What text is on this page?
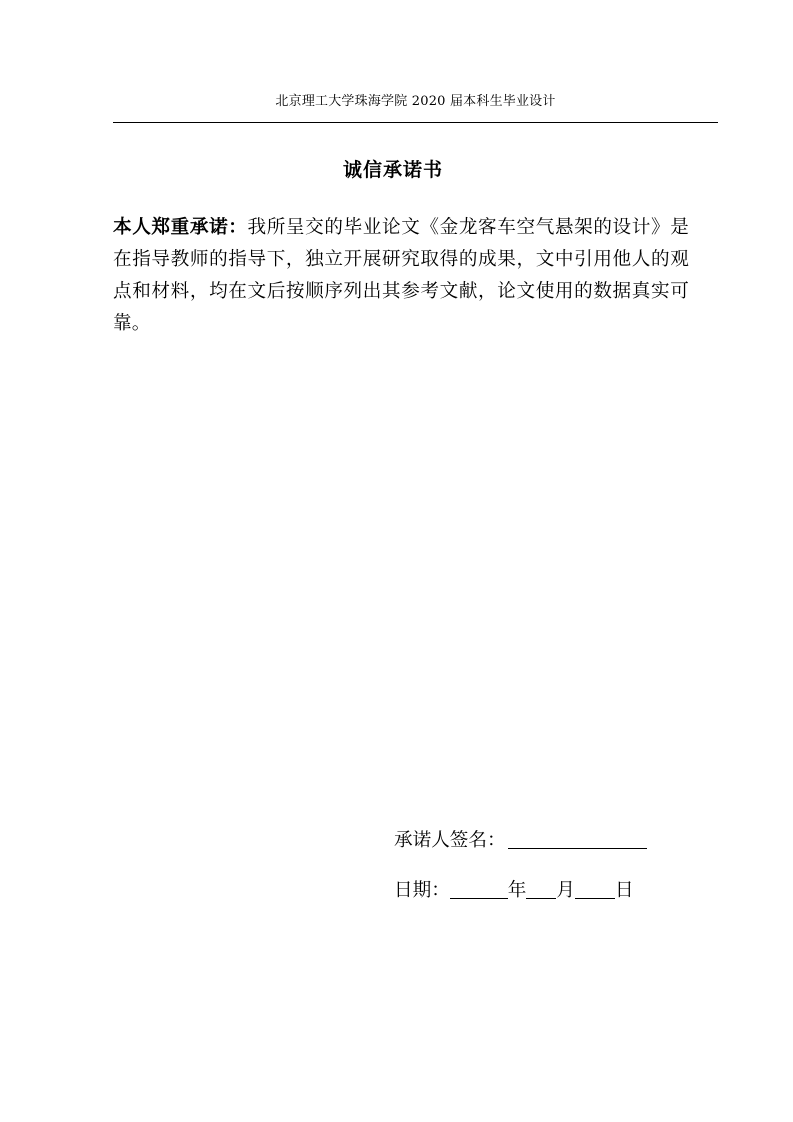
北京理工大学珠海学院 2020 届本科生毕业设计
诚信承诺书
本人郑重承诺：我所呈交的毕业论文《金龙客车空气悬架的设计》是在指导教师的指导下，独立开展研究取得的成果，文中引用他人的观点和材料，均在文后按顺序列出其参考文献，论文使用的数据真实可靠。
承诺人签名：
日期：	年 月 日
